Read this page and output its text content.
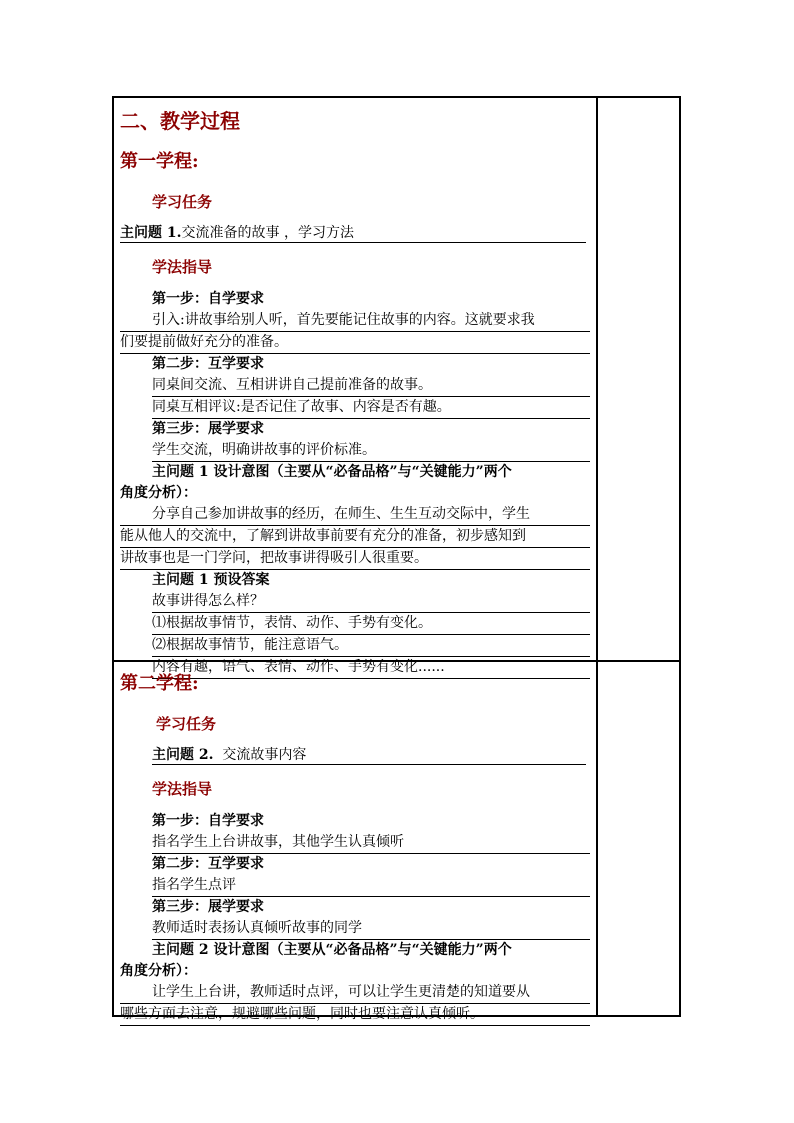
二、教学过程
第一学程:
学习任务
主问题 1.交流准备的故事 ，学习方法
学法指导
第一步：自学要求
引入:讲故事给别人听，首先要能记住故事的内容。这就要求我
们要提前做好充分的准备。
第二步：互学要求
同桌间交流、互相讲讲自己提前准备的故事。
同桌互相评议:是否记住了故事、内容是否有趣。
第三步：展学要求
学生交流，明确讲故事的评价标准。
主问题 1 设计意图（主要从“必备品格”与“关键能力”两个
角度分析）：
分享自己参加讲故事的经历，在师生、生生互动交际中，学生
能从他人的交流中，了解到讲故事前要有充分的准备，初步感知到
讲故事也是一门学问，把故事讲得吸引人很重要。
主问题 1 预设答案
故事讲得怎么样？
⑴根据故事情节，表情、动作、手势有变化。
⑵根据故事情节，能注意语气。
内容有趣，语气、表情、动作、手势有变化......
第二学程:
学习任务
主问题 2. 交流故事内容
学法指导
第一步：自学要求
指名学生上台讲故事，其他学生认真倾听
第二步：互学要求
指名学生点评
第三步：展学要求
教师适时表扬认真倾听故事的同学
主问题 2 设计意图（主要从“必备品格”与“关键能力”两个
角度分析）：
让学生上台讲，教师适时点评，可以让学生更清楚的知道要从
哪些方面去注意，规避哪些问题，同时也要注意认真倾听。
